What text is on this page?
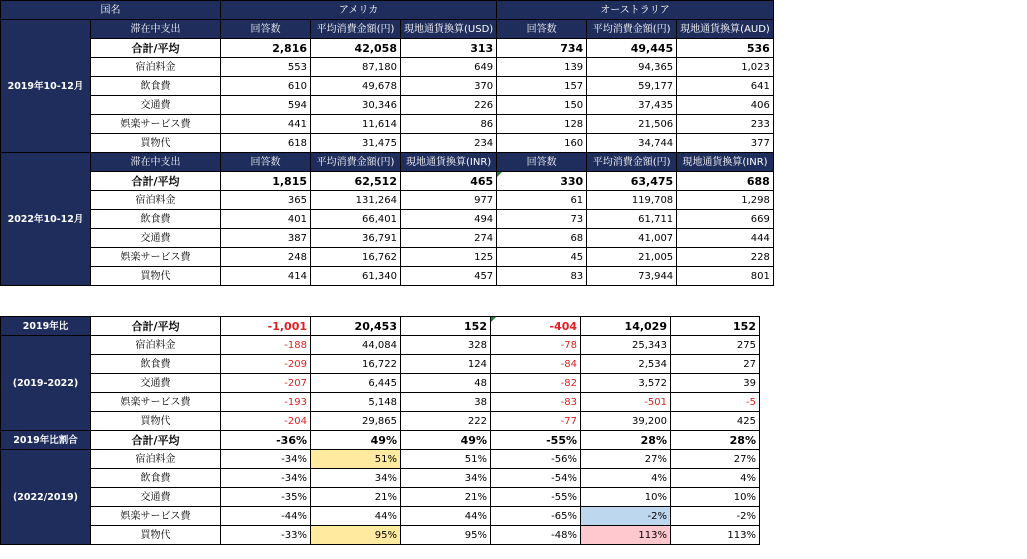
国名		アメリカ			オーストラリア		
2019年10-12月	滞在中支出	回答数	平均消費金額(円)	現地通貨換算(USD)	回答数	平均消費金額(円)	現地通貨換算(AUD)
	合計/平均	2,816	42,058	313	734	49,445	536
	宿泊料金	553	87,180	649	139	94,365	1,023
	飲食費	610	49,678	370	157	59,177	641
	交通費	594	30,346	226	150	37,435	406
	娯楽サービス費	441	11,614	86	128	21,506	233
	買物代	618	31,475	234	160	34,744	377
2022年10-12月	滞在中支出	回答数	平均消費金額(円)	現地通貨換算(INR)	回答数	平均消費金額(円)	現地通貨換算(INR)
	合計/平均	1,815	62,512	465	330	63,475	688
	宿泊料金	365	131,264	977	61	119,708	1,298
	飲食費	401	66,401	494	73	61,711	669
	交通費	387	36,791	274	68	41,007	444
	娯楽サービス費	248	16,762	125	45	21,005	228
	買物代	414	61,340	457	83	73,944	801
2019年比	合計/平均	-1,001	20,453	152	-404	14,029	152
(2019-2022)	宿泊料金	-188	44,084	328	-78	25,343	275
	飲食費	-209	16,722	124	-84	2,534	27
	交通費	-207	6,445	48	-82	3,572	39
	娯楽サービス費	-193	5,148	38	-83	-501	-5
	買物代	-204	29,865	222	-77	39,200	425
2019年比割合	合計/平均	-36%	49%	49%	-55%	28%	28%
(2022/2019)	宿泊料金	-34%	51%	51%	-56%	27%	27%
	飲食費	-34%	34%	34%	-54%	4%	4%
	交通費	-35%	21%	21%	-55%	10%	10%
	娯楽サービス費	-44%	44%	44%	-65%	-2%	-2%
	買物代	-33%	95%	95%	-48%	113%	113%
